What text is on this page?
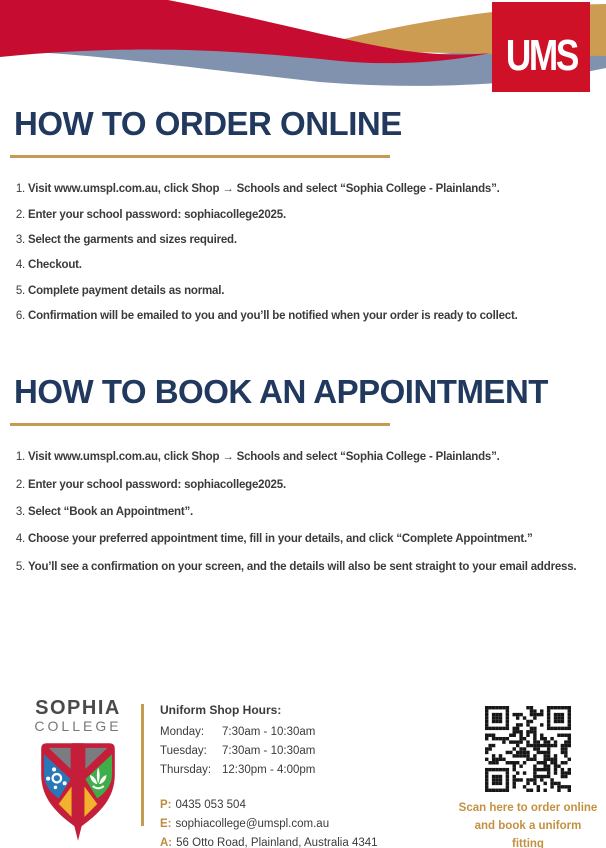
UMS
HOW TO ORDER ONLINE
1. Visit www.umspl.com.au, click Shop → Schools and select “Sophia College - Plainlands”.
2. Enter your school password: sophiacollege2025.
3. Select the garments and sizes required.
4. Checkout.
5. Complete payment details as normal.
6. Confirmation will be emailed to you and you’ll be notified when your order is ready to collect.
HOW TO BOOK AN APPOINTMENT
1. Visit www.umspl.com.au, click Shop → Schools and select “Sophia College - Plainlands”.
2. Enter your school password: sophiacollege2025.
3. Select “Book an Appointment”.
4. Choose your preferred appointment time, fill in your details, and click “Complete Appointment.”
5. You’ll see a confirmation on your screen, and the details will also be sent straight to your email address.
SOPHIA
COLLEGE
Uniform Shop Hours:
Monday:	7:30am - 10:30am
Tuesday:	7:30am - 10:30am
Thursday: 12:30pm - 4:00pm
P: 0435 053 504
E: sophiacollege@umspl.com.au
A: 56 Otto Road, Plainland, Australia 4341
Scan here to order online
and book a uniform fitting
